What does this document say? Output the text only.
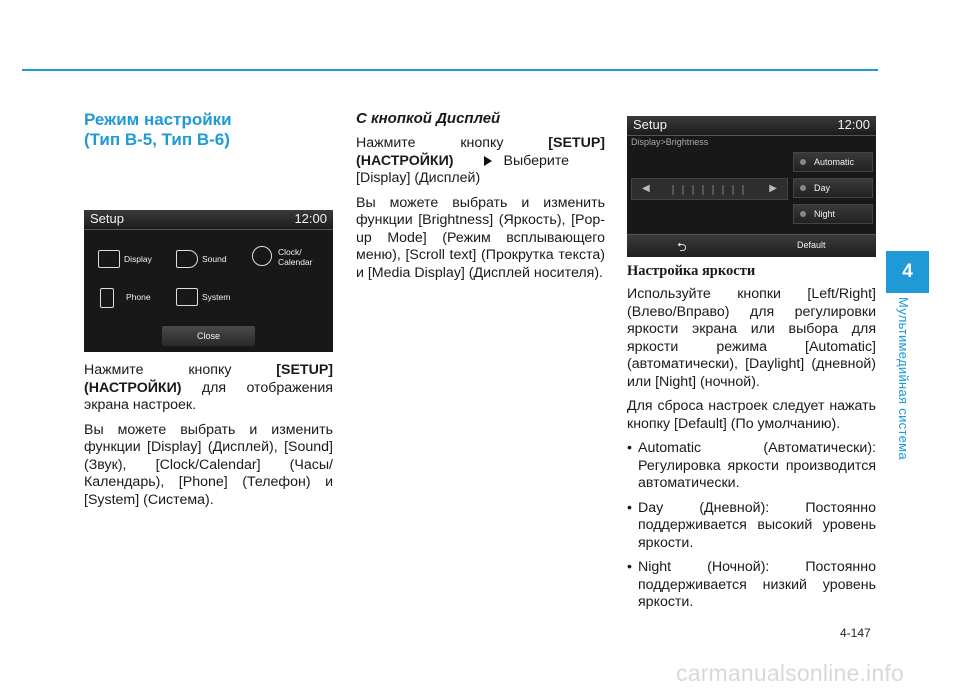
Режим настройки
(Тип B-5, Тип B-6)
Setup	12:00
Display	Sound
Clock/
Calendar
Phone	System
Close

Нажмите кнопку [SETUP] (НАСТРОЙКИ) для отображения экрана настроек.

Вы можете выбрать и изменить функции [Display] (Дисплей), [Sound] (Звук), [Clock/Calendar] (Часы/Календарь), [Phone] (Телефон) и [System] (Система).

С кнопкой Дисплей

Нажмите кнопку [SETUP] (НАСТРОЙКИ)	Выберите [Display] (Дисплей)

Вы можете выбрать и изменить функции [Brightness] (Яркость), [Pop-up Mode] (Режим всплывающего меню), [Scroll text] (Прокрутка текста) и [Media Display] (Дисплей носителя).

Setup	12:00
Display>Brightness
◀	▶
Automatic
Day
Night
⮌	Default
Настройка яркости

Используйте кнопки [Left/Right] (Влево/Вправо) для регулировки яркости экрана или выбора для яркости режима [Automatic] (автоматически), [Daylight] (дневной) или [Night] (ночной).

Для сброса настроек следует нажать кнопку [Default] (По умолчанию).

• Automatic (Автоматически): Регулировка яркости производится автоматически.
• Day (Дневной): Постоянно поддерживается высокий уровень яркости.
• Night (Ночной): Постоянно поддерживается низкий уровень яркости.
4
Мультимедийная система
4-147
carmanualsonline.info
